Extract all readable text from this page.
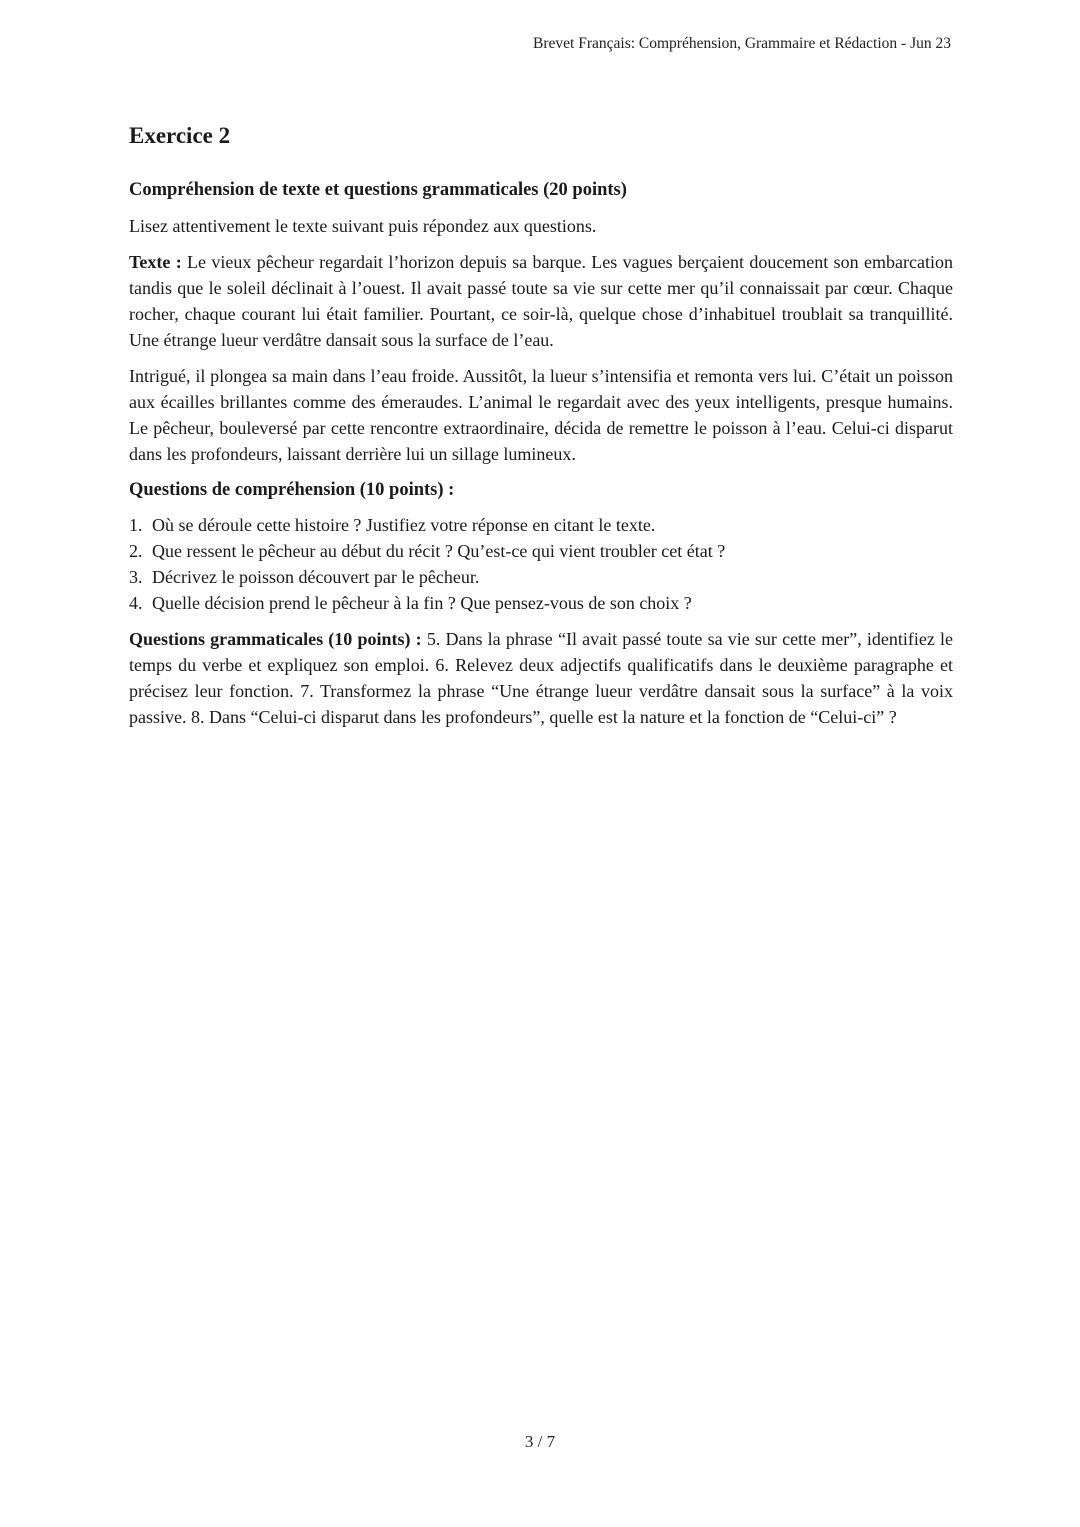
Brevet Français: Compréhension, Grammaire et Rédaction - Jun 23
Exercice 2
Compréhension de texte et questions grammaticales (20 points)

Lisez attentivement le texte suivant puis répondez aux questions.

Texte : Le vieux pêcheur regardait l’horizon depuis sa barque. Les vagues berçaient doucement son embarcation tandis que le soleil déclinait à l’ouest. Il avait passé toute sa vie sur cette mer qu’il connaissait par cœur. Chaque rocher, chaque courant lui était familier. Pourtant, ce soir-là, quelque chose d’inhabituel troublait sa tranquillité. Une étrange lueur verdâtre dansait sous la surface de l’eau.

Intrigué, il plongea sa main dans l’eau froide. Aussitôt, la lueur s’intensifia et remonta vers lui. C’était un poisson aux écailles brillantes comme des émeraudes. L’animal le regardait avec des yeux intelligents, presque humains. Le pêcheur, bouleversé par cette rencontre extraordinaire, décida de remettre le poisson à l’eau. Celui-ci disparut dans les profondeurs, laissant derrière lui un sillage lumineux.

Questions de compréhension (10 points) :
1. Où se déroule cette histoire ? Justifiez votre réponse en citant le texte.
2. Que ressent le pêcheur au début du récit ? Qu’est-ce qui vient troubler cet état ?
3. Décrivez le poisson découvert par le pêcheur.
4. Quelle décision prend le pêcheur à la fin ? Que pensez-vous de son choix ?

Questions grammaticales (10 points) : 5. Dans la phrase “Il avait passé toute sa vie sur cette mer”, identifiez le temps du verbe et expliquez son emploi. 6. Relevez deux adjectifs qualificatifs dans le deuxième paragraphe et précisez leur fonction. 7. Transformez la phrase “Une étrange lueur verdâtre dansait sous la surface” à la voix passive. 8. Dans “Celui-ci disparut dans les profondeurs”, quelle est la nature et la fonction de “Celui-ci” ?

3 / 7
